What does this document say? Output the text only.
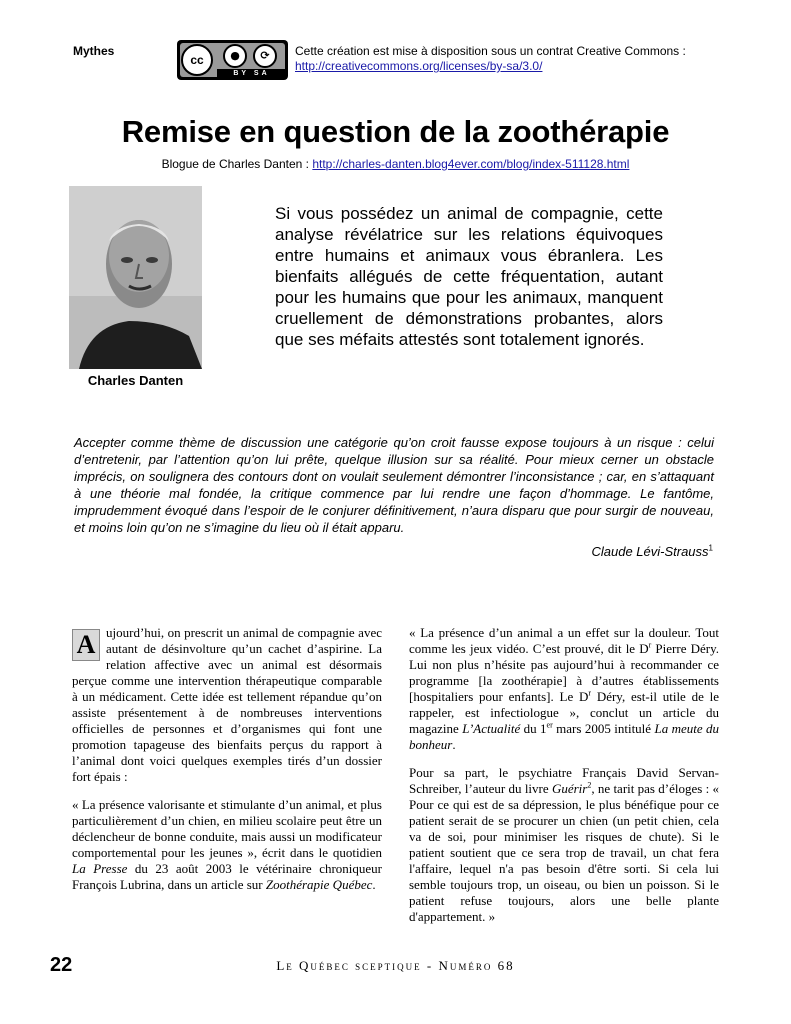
Mythes
cc	●	⟳
BY SA
Cette création est mise à disposition sous un contrat Creative Commons :
http://creativecommons.org/licenses/by-sa/3.0/
Remise en question de la zoothérapie
Blogue de Charles Danten : http://charles-danten.blog4ever.com/blog/index-511128.html
Charles Danten
Si vous possédez un animal de compagnie, cette analyse révélatrice sur les relations équivoques entre humains et animaux vous ébranlera. Les bienfaits allégués de cette fréquentation, autant pour les humains que pour les animaux, manquent cruellement de démonstrations probantes, alors que ses méfaits attestés sont totalement ignorés.
Accepter comme thème de discussion une catégorie qu’on croit fausse expose toujours à un risque : celui d’entretenir, par l’attention qu’on lui prête, quelque illusion sur sa réalité. Pour mieux cerner un obstacle imprécis, on soulignera des contours dont on voulait seulement démontrer l’inconsistance ; car, en s’attaquant à une théorie mal fondée, la critique commence par lui rendre une façon d’hommage. Le fantôme, imprudemment évoqué dans l’espoir de le conjurer définitivement, n’aura disparu que pour surgir de nouveau, et moins loin qu’on ne s’imagine du lieu où il était apparu.
Claude Lévi-Strauss$^1$

A ujourd’hui, on prescrit un animal de compagnie avec autant de désinvolture qu’un cachet d’aspirine. La relation affective avec un animal est désormais perçue comme une intervention thérapeutique comparable à un médicament. Cette idée est tellement répandue qu’on assiste présentement à de nombreuses interventions officielles de personnes et d’organismes qui font une promotion tapageuse des bienfaits perçus du rapport à l’animal dont voici quelques exemples tirés d’un dossier fort épais :

« La présence valorisante et stimulante d’un animal, et plus particulièrement d’un chien, en milieu scolaire peut être un déclencheur de bonne conduite, mais aussi un modificateur comportemental pour les jeunes », écrit dans le quotidien La Presse du 23 août 2003 le vétérinaire chroniqueur François Lubrina, dans un article sur Zoothérapie Québec.

« La présence d’un animal a un effet sur la douleur. Tout comme les jeux vidéo. C’est prouvé, dit le $D^r$ Pierre Déry. Lui non plus n’hésite pas aujourd’hui à recommander ce programme [la zoothérapie] à d’autres établissements [hospitaliers pour enfants]. Le $D^r$ Déry, est-il utile de le rappeler, est infectiologue », conclut un article du magazine L’Actualité du 1er mars 2005 intitulé La meute du bonheur.

Pour sa part, le psychiatre Français David Servan-Schreiber, l’auteur du livre Guérir$^2$, ne tarit pas d’éloges : « Pour ce qui est de sa dépression, le plus bénéfique pour ce patient serait de se procurer un chien (un petit chien, cela va de soi, pour minimiser les risques de chute). Si le patient soutient que ce sera trop de travail, un chat fera l'affaire, lequel n'a pas besoin d'être sorti. Si cela lui semble toujours trop, un oiseau, ou bien un poisson. Si le patient refuse toujours, alors une belle plante d'appartement. »

22	Le Québec sceptique - Numéro 68
